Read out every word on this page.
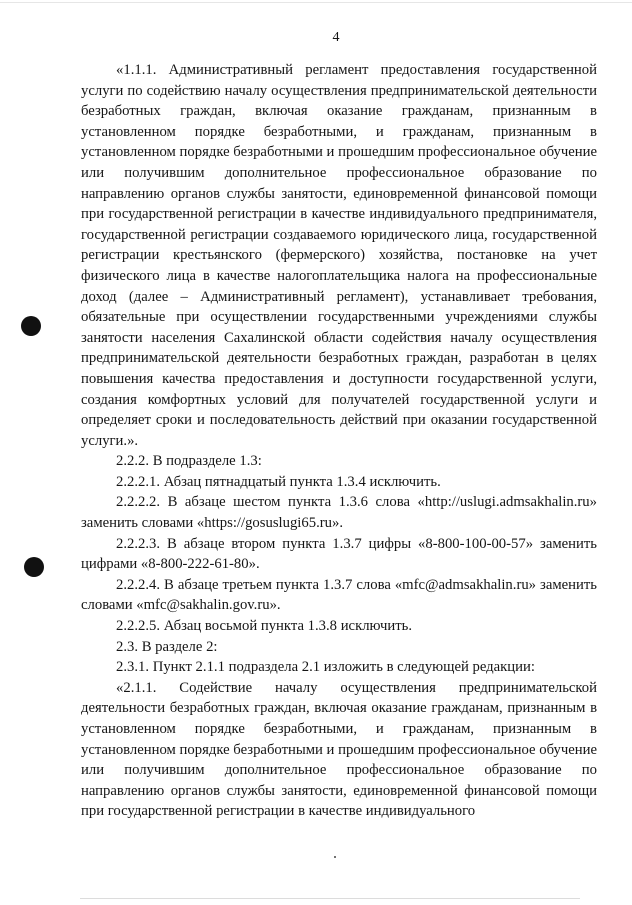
4

«1.1.1. Административный регламент предоставления государственной услуги по содействию началу осуществления предпринимательской деятельности безработных граждан, включая оказание гражданам, признанным в установленном порядке безработными, и гражданам, признанным в установленном порядке безработными и прошедшим профессиональное обучение или получившим дополнительное профессиональное образование по направлению органов службы занятости, единовременной финансовой помощи при государственной регистрации в качестве индивидуального предпринимателя, государственной регистрации создаваемого юридического лица, государственной регистрации крестьянского (фермерского) хозяйства, постановке на учет физического лица в качестве налогоплательщика налога на профессиональные доход (далее – Административный регламент), устанавливает требования, обязательные при осуществлении государственными учреждениями службы занятости населения Сахалинской области содействия началу осуществления предпринимательской деятельности безработных граждан, разработан в целях повышения качества предоставления и доступности государственной услуги, создания комфортных условий для получателей государственной услуги и определяет сроки и последовательность действий при оказании государственной услуги.».

2.2.2. В подразделе 1.3:

2.2.2.1. Абзац пятнадцатый пункта 1.3.4 исключить.

2.2.2.2. В абзаце шестом пункта 1.3.6 слова «http://uslugi.admsakhalin.ru» заменить словами «https://gosuslugi65.ru».

2.2.2.3. В абзаце втором пункта 1.3.7 цифры «8-800-100-00-57» заменить цифрами «8-800-222-61-80».

2.2.2.4. В абзаце третьем пункта 1.3.7 слова «mfc@admsakhalin.ru» заменить словами «mfc@sakhalin.gov.ru».

2.2.2.5. Абзац восьмой пункта 1.3.8 исключить.

2.3. В разделе 2:

2.3.1. Пункт 2.1.1 подраздела 2.1 изложить в следующей редакции:

«2.1.1. Содействие началу осуществления предпринимательской деятельности безработных граждан, включая оказание гражданам, признанным в установленном порядке безработными, и гражданам, признанным в установленном порядке безработными и прошедшим профессиональное обучение или получившим дополнительное профессиональное образование по направлению органов службы занятости, единовременной финансовой помощи при государственной регистрации в качестве индивидуального
